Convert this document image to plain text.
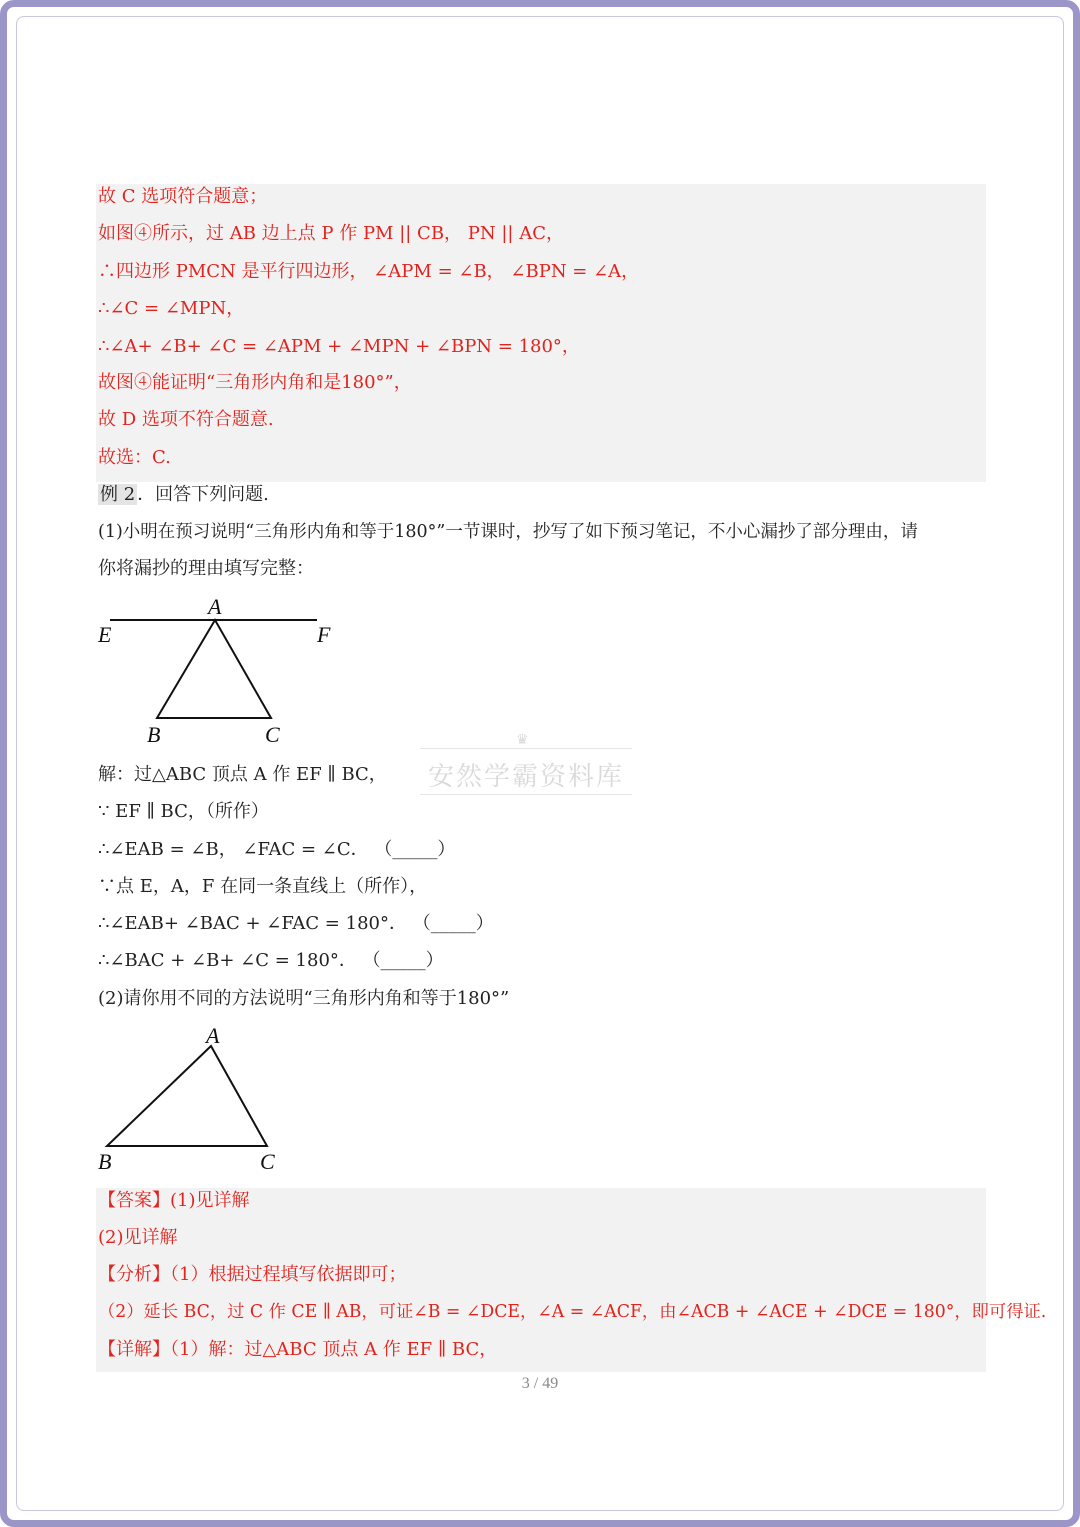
故 C 选项符合题意；
如图④所示，过 AB 边上点 P 作 PM || CB， PN || AC，
∴四边形 PMCN 是平行四边形， ∠APM = ∠B， ∠BPN = ∠A，
∴∠C = ∠MPN，
∴∠A+ ∠B+ ∠C = ∠APM + ∠MPN + ∠BPN = 180°，
故图④能证明“三角形内角和是180°”，
故 D 选项不符合题意.
故选：C.
例 2 ．回答下列问题.
(1)小明在预习说明“三角形内角和等于180°”一节课时，抄写了如下预习笔记，不小心漏抄了部分理由，请
你将漏抄的理由填写完整：
A
E	F
B	C	♛
安然学霸资料库
解：过△ABC 顶点 A 作 EF ∥ BC，
∵ EF ∥ BC，（所作）
∴∠EAB = ∠B， ∠FAC = ∠C． （_____）
∵点 E，A，F 在同一条直线上（所作），
∴∠EAB+ ∠BAC + ∠FAC = 180°． （_____）
∴∠BAC + ∠B+ ∠C = 180°． （_____）
(2)请你用不同的方法说明“三角形内角和等于180°”
A
B	C
【答案】(1)见详解
(2)见详解
【分析】（1）根据过程填写依据即可；
（2）延长 BC，过 C 作 CE ∥ AB，可证∠B = ∠DCE，∠A = ∠ACF，由∠ACB + ∠ACE + ∠DCE = 180°，即可得证.
【详解】（1）解：过△ABC 顶点 A 作 EF ∥ BC，
3 / 49
